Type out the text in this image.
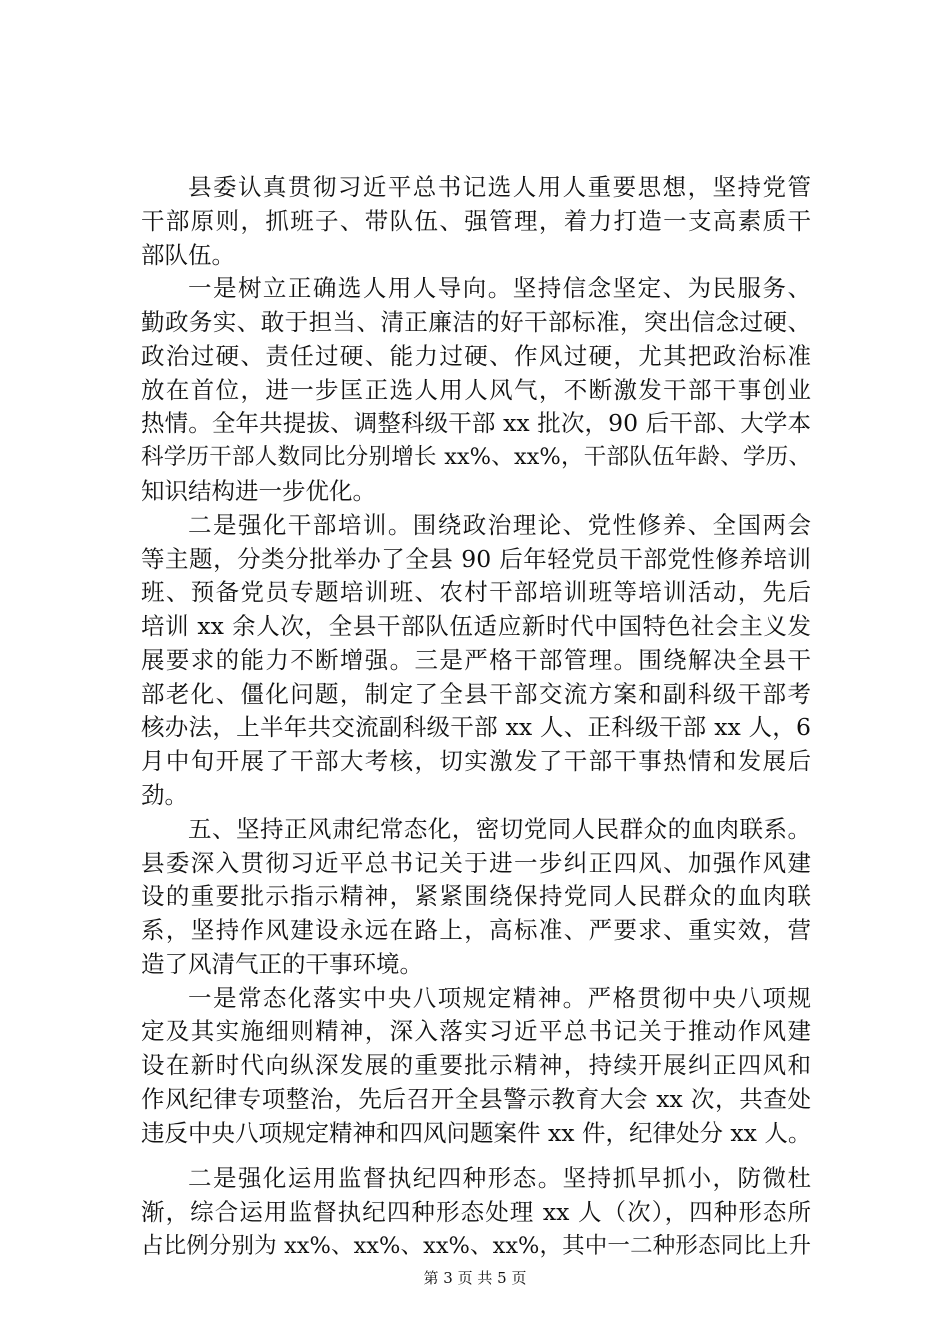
县委认真贯彻习近平总书记选人用人重要思想，坚持党管
干部原则，抓班子、带队伍、强管理，着力打造一支高素质干
部队伍。
一是树立正确选人用人导向。坚持信念坚定、为民服务、
勤政务实、敢于担当、清正廉洁的好干部标准，突出信念过硬、
政治过硬、责任过硬、能力过硬、作风过硬，尤其把政治标准
放在首位，进一步匡正选人用人风气，不断激发干部干事创业
热情。全年共提拔、调整科级干部 xx 批次，90 后干部、大学本
科学历干部人数同比分别增长 xx%、xx%，干部队伍年龄、学历、
知识结构进一步优化。
二是强化干部培训。围绕政治理论、党性修养、全国两会
等主题，分类分批举办了全县 90 后年轻党员干部党性修养培训
班、预备党员专题培训班、农村干部培训班等培训活动，先后
培训 xx 余人次，全县干部队伍适应新时代中国特色社会主义发
展要求的能力不断增强。三是严格干部管理。围绕解决全县干
部老化、僵化问题，制定了全县干部交流方案和副科级干部考
核办法，上半年共交流副科级干部 xx 人、正科级干部 xx 人，6
月中旬开展了干部大考核，切实激发了干部干事热情和发展后
劲。
五、坚持正风肃纪常态化，密切党同人民群众的血肉联系。
县委深入贯彻习近平总书记关于进一步纠正四风、加强作风建
设的重要批示指示精神，紧紧围绕保持党同人民群众的血肉联
系，坚持作风建设永远在路上，高标准、严要求、重实效，营
造了风清气正的干事环境。
一是常态化落实中央八项规定精神。严格贯彻中央八项规
定及其实施细则精神，深入落实习近平总书记关于推动作风建
设在新时代向纵深发展的重要批示精神，持续开展纠正四风和
作风纪律专项整治，先后召开全县警示教育大会 xx 次，共查处
违反中央八项规定精神和四风问题案件 xx 件，纪律处分 xx 人。
二是强化运用监督执纪四种形态。坚持抓早抓小，防微杜
渐，综合运用监督执纪四种形态处理 xx 人（次），四种形态所
占比例分别为 xx%、xx%、xx%、xx%，其中一二种形态同比上升
第 3 页 共 5 页
